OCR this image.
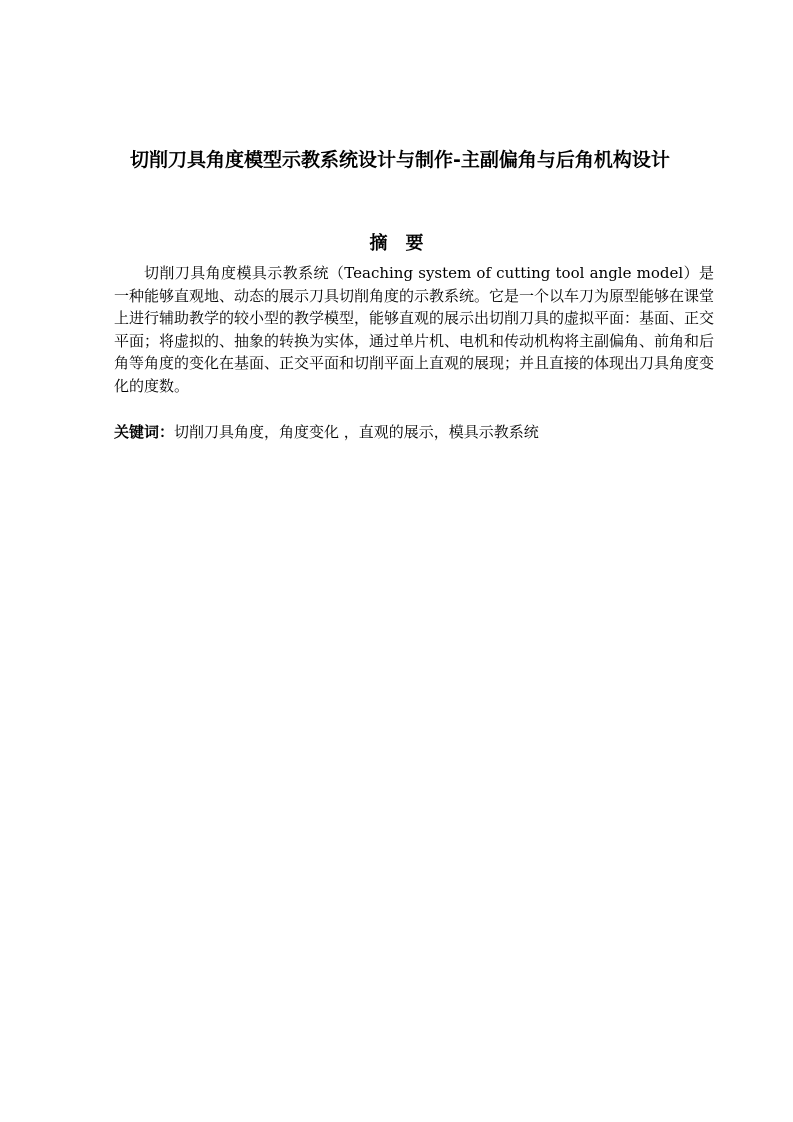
切削刀具角度模型示教系统设计与制作-主副偏角与后角机构设计
摘要
切削刀具角度模具示教系统（Teaching system of cutting tool angle model）是一种能够直观地、动态的展示刀具切削角度的示教系统。它是一个以车刀为原型能够在课堂上进行辅助教学的较小型的教学模型，能够直观的展示出切削刀具的虚拟平面：基面、正交平面；将虚拟的、抽象的转换为实体，通过单片机、电机和传动机构将主副偏角、前角和后角等角度的变化在基面、正交平面和切削平面上直观的展现；并且直接的体现出刀具角度变化的度数。
关键词：切削刀具角度，角度变化 ，直观的展示，模具示教系统
